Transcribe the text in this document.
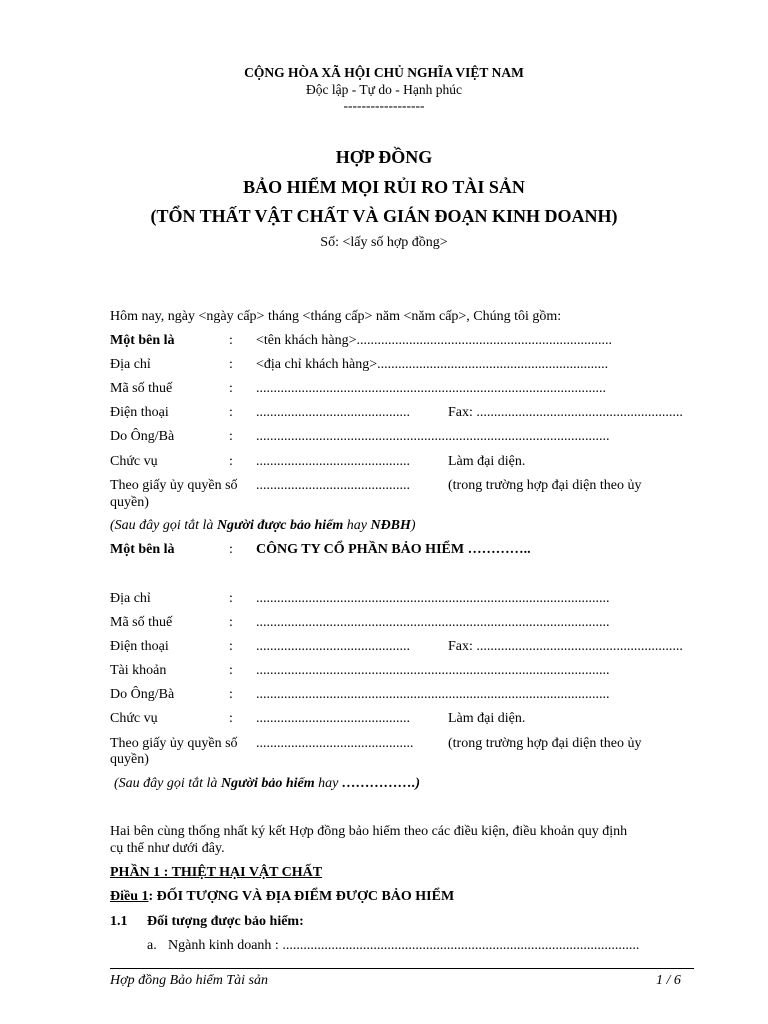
CỘNG HÒA XÃ HỘI CHỦ NGHĨA VIỆT NAM
Độc lập - Tự do - Hạnh phúc
------------------
HỢP ĐỒNG
BẢO HIỂM MỌI RỦI RO TÀI SẢN
(TỔN THẤT VẬT CHẤT VÀ GIÁN ĐOẠN KINH DOANH)
Số: <lấy số hợp đồng>
Hôm nay, ngày <ngày cấp> tháng <tháng cấp> năm <năm cấp>, Chúng tôi gồm:
Một bên là	: <tên khách hàng>.........................................................................
Địa chỉ	: <địa chỉ khách hàng>..................................................................
Mã số thuế	: ....................................................................................................
Điện thoại	: ............................................	Fax: ...........................................................
Do Ông/Bà	: .....................................................................................................
Chức vụ	: ............................................	Làm đại diện.
Theo giấy ủy quyền số ............................................	(trong trường hợp đại diện theo ủy
quyền)
(Sau đây gọi tắt là Người được bảo hiểm hay NĐBH)
Một bên là	: CÔNG TY CỔ PHẦN BẢO HIỂM …………..
Địa chỉ	: .....................................................................................................
Mã số thuế	: .....................................................................................................
Điện thoại	: ............................................	Fax: ...........................................................
Tài khoản	: .....................................................................................................
Do Ông/Bà	: .....................................................................................................
Chức vụ	: ............................................	Làm đại diện.
Theo giấy ủy quyền số ............................................. (trong trường hợp đại diện theo ủy
quyền)
(Sau đây gọi tắt là Người bảo hiểm hay …………….)
Hai bên cùng thống nhất ký kết Hợp đồng bảo hiểm theo các điều kiện, điều khoản quy định
cụ thể như dưới đây.
PHẦN 1 : THIỆT HẠI VẬT CHẤT
Điều 1: ĐỐI TƯỢNG VÀ ĐỊA ĐIỂM ĐƯỢC BẢO HIỂM
1.1 Đối tượng được bảo hiểm:
a. Ngành kinh doanh : ......................................................................................................
Hợp đồng Bảo hiểm Tài sản	1 / 6
